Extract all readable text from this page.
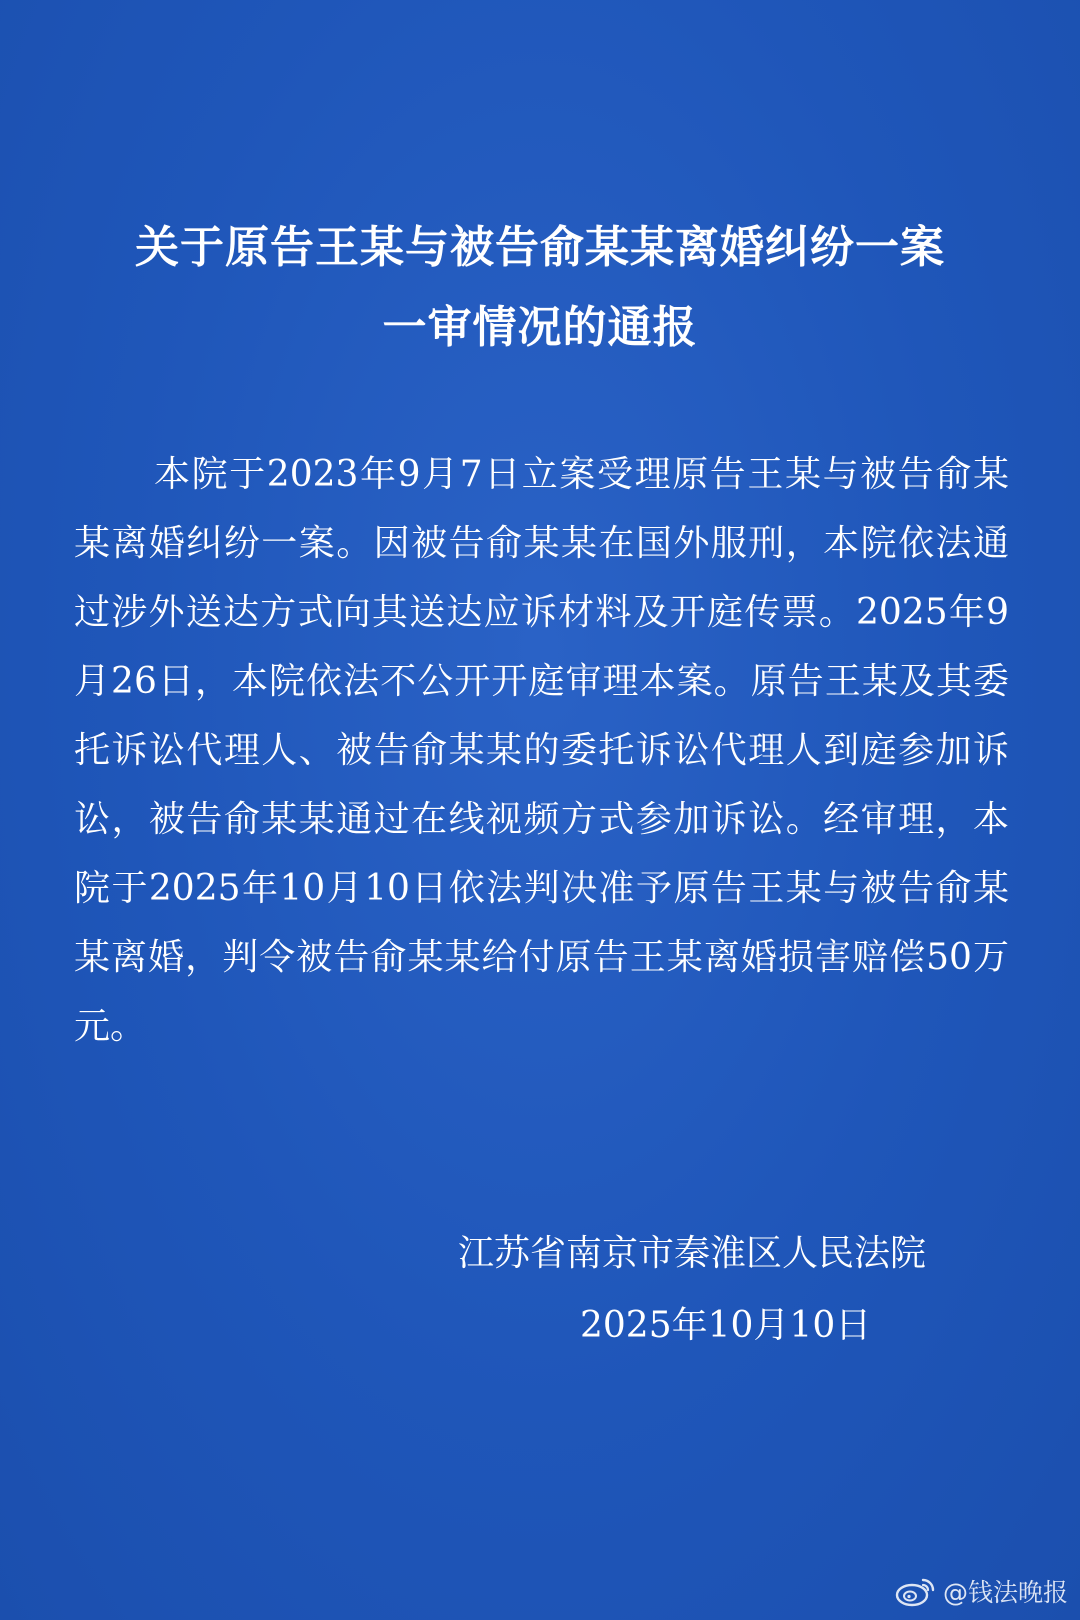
关于原告王某与被告俞某某离婚纠纷一案
一审情况的通报

本院于2023年9月7日立案受理原告王某与被告俞某某离婚纠纷一案。因被告俞某某在国外服刑，本院依法通过涉外送达方式向其送达应诉材料及开庭传票。2025年9月26日，本院依法不公开开庭审理本案。原告王某及其委托诉讼代理人、被告俞某某的委托诉讼代理人到庭参加诉讼，被告俞某某通过在线视频方式参加诉讼。经审理，本院于2025年10月10日依法判决准予原告王某与被告俞某某离婚，判令被告俞某某给付原告王某离婚损害赔偿50万元。

江苏省南京市秦淮区人民法院
2025年10月10日
@钱法晚报
